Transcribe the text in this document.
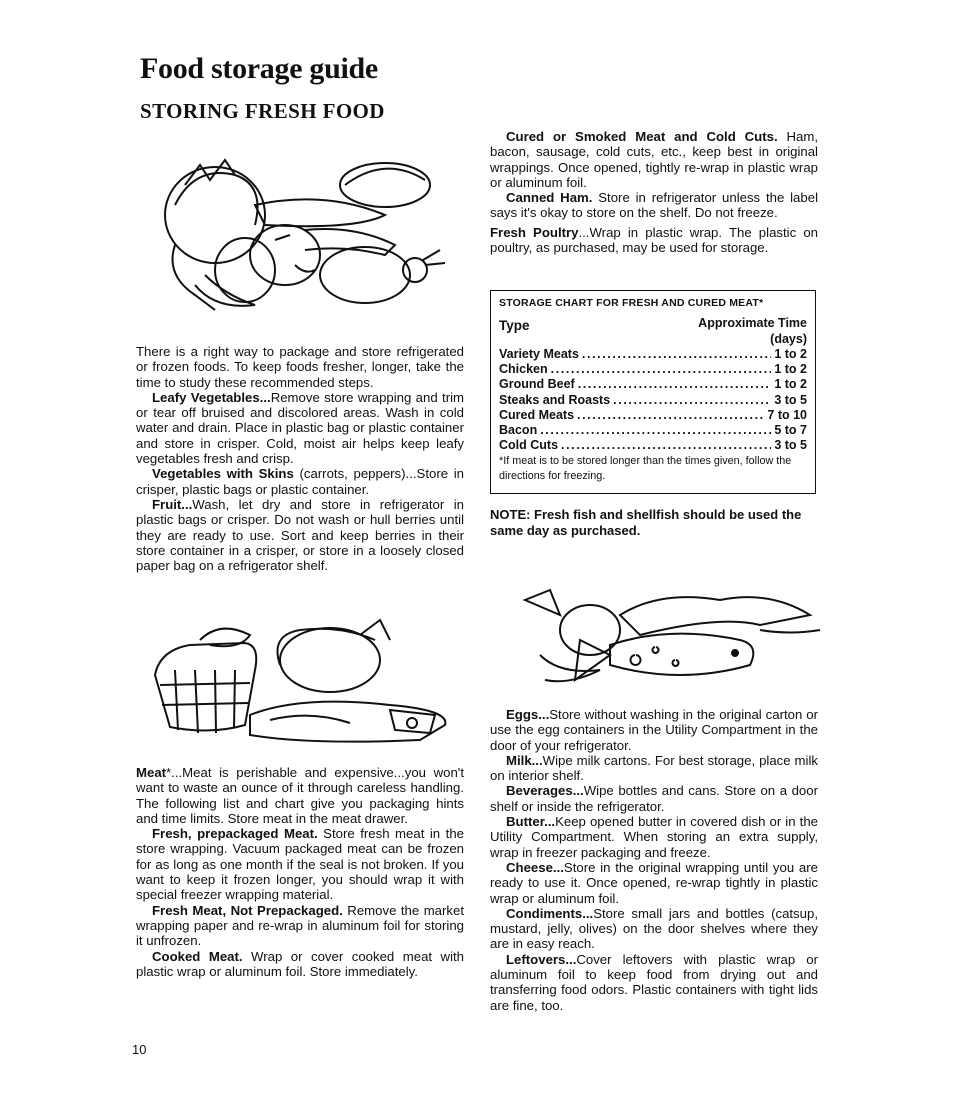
Food storage guide
STORING FRESH FOOD

There is a right way to package and store refrigerated or frozen foods. To keep foods fresher, longer, take the time to study these recommended steps.

Leafy Vegetables...Remove store wrapping and trim or tear off bruised and discolored areas. Wash in cold water and drain. Place in plastic bag or plastic container and store in crisper. Cold, moist air helps keep leafy vegetables fresh and crisp.

Vegetables with Skins (carrots, peppers)...Store in crisper, plastic bags or plastic container.

Fruit...Wash, let dry and store in refrigerator in plastic bags or crisper. Do not wash or hull berries until they are ready to use. Sort and keep berries in their store container in a crisper, or store in a loosely closed paper bag on a refrigerator shelf.

Meat*...Meat is perishable and expensive...you won't want to waste an ounce of it through careless handling. The following list and chart give you packaging hints and time limits. Store meat in the meat drawer.

Fresh, prepackaged Meat. Store fresh meat in the store wrapping. Vacuum packaged meat can be frozen for as long as one month if the seal is not broken. If you want to keep it frozen longer, you should wrap it with special freezer wrapping material.

Fresh Meat, Not Prepackaged. Remove the market wrapping paper and re-wrap in aluminum foil for storing it unfrozen.

Cooked Meat. Wrap or cover cooked meat with plastic wrap or aluminum foil. Store immediately.

Cured or Smoked Meat and Cold Cuts. Ham, bacon, sausage, cold cuts, etc., keep best in original wrappings. Once opened, tightly re-wrap in plastic wrap or aluminum foil.

Canned Ham. Store in refrigerator unless the label says it's okay to store on the shelf. Do not freeze.

Fresh Poultry...Wrap in plastic wrap. The plastic on poultry, as purchased, may be used for storage.

STORAGE CHART FOR FRESH AND CURED MEAT*
Type	Approximate Time
(days)
Variety Meats .....	1 to 2
Chicken .....	1 to 2
Ground Beef .....	1 to 2
Steaks and Roasts .....	3 to 5
Cured Meats .....	7 to 10
Bacon .....	5 to 7
Cold Cuts .....	3 to 5
*If meat is to be stored longer than the times given, follow the directions for freezing.
NOTE: Fresh fish and shellfish should be used the same day as purchased.

Eggs...Store without washing in the original carton or use the egg containers in the Utility Compartment in the door of your refrigerator.

Milk...Wipe milk cartons. For best storage, place milk on interior shelf.

Beverages...Wipe bottles and cans. Store on a door shelf or inside the refrigerator.

Butter...Keep opened butter in covered dish or in the Utility Compartment. When storing an extra supply, wrap in freezer packaging and freeze.

Cheese...Store in the original wrapping until you are ready to use it. Once opened, re-wrap tightly in plastic wrap or aluminum foil.

Condiments...Store small jars and bottles (catsup, mustard, jelly, olives) on the door shelves where they are in easy reach.

Leftovers...Cover leftovers with plastic wrap or aluminum foil to keep food from drying out and transferring food odors. Plastic containers with tight lids are fine, too.

10
